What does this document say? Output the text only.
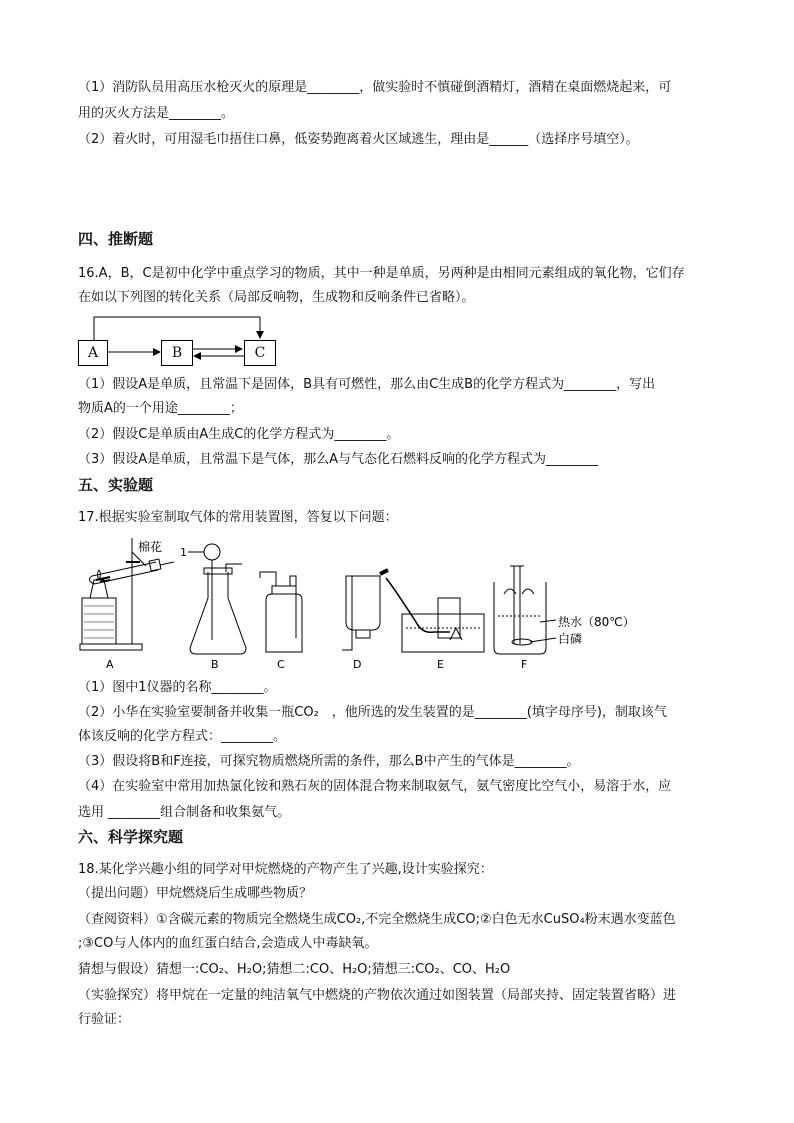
（1）消防队员用高压水枪灭火的原理是________，做实验时不慎碰倒酒精灯，酒精在桌面燃烧起来，可
用的灭火方法是________。
（2）着火时，可用湿毛巾捂住口鼻，低姿势跑离着火区域逃生，理由是______（选择序号填空）。
四、推断题
16.A，B，C是初中化学中重点学习的物质，其中一种是单质，另两种是由相同元素组成的氧化物，它们存
在如以下列图的转化关系（局部反响物，生成物和反响条件已省略）。
A	B	C
（1）假设A是单质，且常温下是固体，B具有可燃性，那么由C生成B的化学方程式为________，写出
物质A的一个用途________；
（2）假设C是单质由A生成C的化学方程式为________。
（3）假设A是单质，且常温下是气体，那么A与气态化石燃料反响的化学方程式为________
五、实验题
17.根据实验室制取气体的常用装置图，答复以下问题：
棉花 1
热水（80℃）
白磷
A	B	C	D	E	F
（1）图中1仪器的名称________。
（2）小华在实验室要制备并收集一瓶CO₂　，他所选的发生装置的是________(填字母序号)，制取该气
体该反响的化学方程式：________。
（3）假设将B和F连接，可探究物质燃烧所需的条件，那么B中产生的气体是________。
（4）在实验室中常用加热氯化铵和熟石灰的固体混合物来制取氨气，氨气密度比空气小，易溶于水，应
选用 ________组合制备和收集氨气。
六、科学探究题
18.某化学兴趣小组的同学对甲烷燃烧的产物产生了兴趣,设计实验探究：
（提出问题）甲烷燃烧后生成哪些物质？
（查阅资料）①含碳元素的物质完全燃烧生成CO₂,不完全燃烧生成CO;②白色无水CuSO₄粉末遇水变蓝色
;③CO与人体内的血红蛋白结合,会造成人中毒缺氧。
猜想与假设）猜想一:CO₂、H₂O;猜想二:CO、H₂O;猜想三:CO₂、CO、H₂O
（实验探究）将甲烷在一定量的纯洁氧气中燃烧的产物依次通过如图装置（局部夹持、固定装置省略）进
行验证：
